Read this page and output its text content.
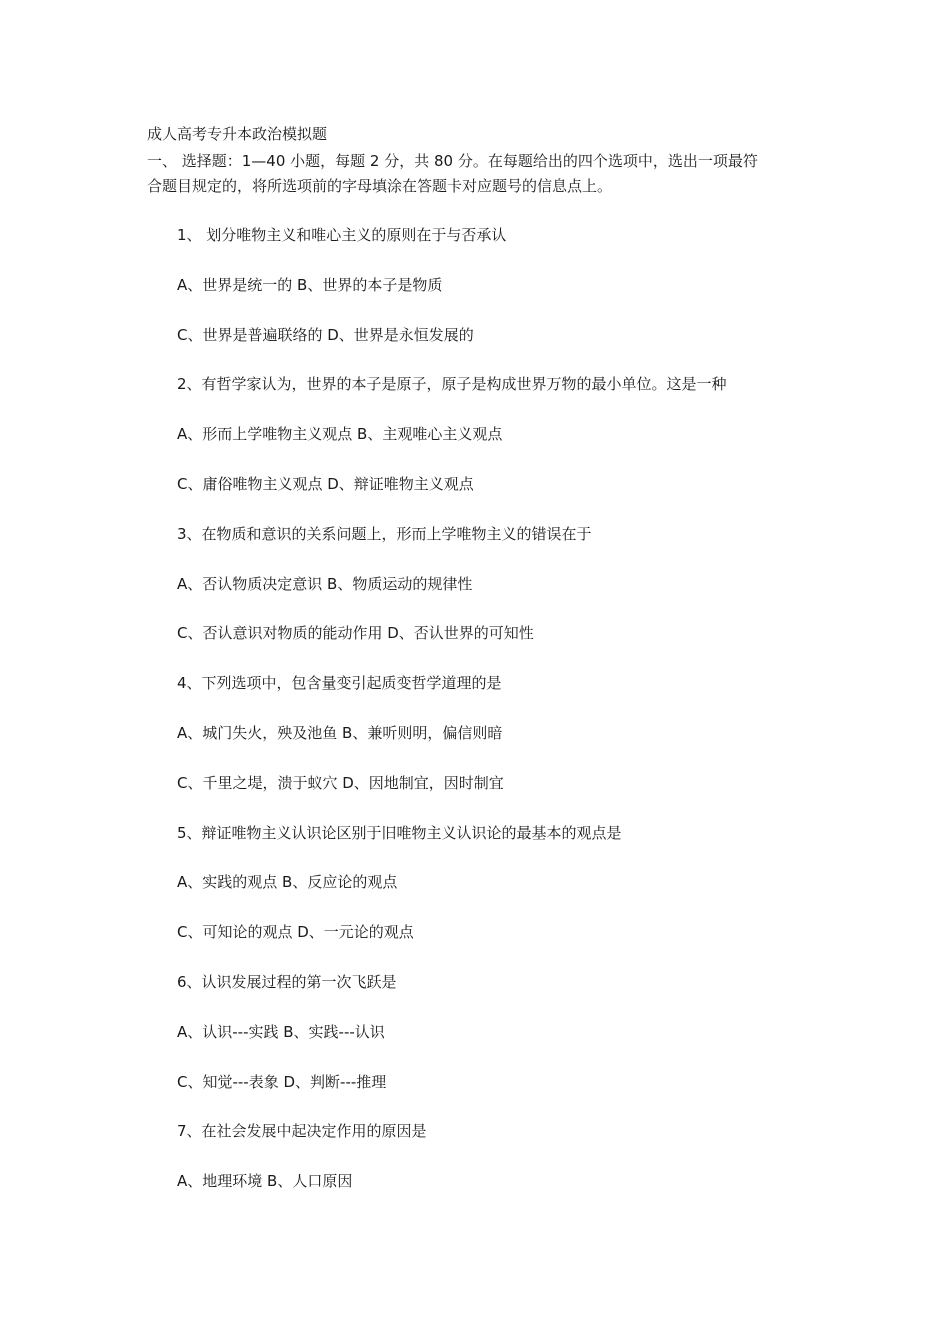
成人高考专升本政治模拟题
一、 选择题：1—40 小题，每题 2 分，共 80 分。在每题给出的四个选项中，选出一项最符
合题目规定的，将所选项前的字母填涂在答题卡对应题号的信息点上。
1、 划分唯物主义和唯心主义的原则在于与否承认
A、世界是统一的 B、世界的本子是物质
C、世界是普遍联络的 D、世界是永恒发展的
2、有哲学家认为，世界的本子是原子，原子是构成世界万物的最小单位。这是一种
A、形而上学唯物主义观点 B、主观唯心主义观点
C、庸俗唯物主义观点 D、辩证唯物主义观点
3、在物质和意识的关系问题上，形而上学唯物主义的错误在于
A、否认物质决定意识 B、物质运动的规律性
C、否认意识对物质的能动作用 D、否认世界的可知性
4、下列选项中，包含量变引起质变哲学道理的是
A、城门失火，殃及池鱼 B、兼听则明，偏信则暗
C、千里之堤，溃于蚁穴 D、因地制宜，因时制宜
5、辩证唯物主义认识论区别于旧唯物主义认识论的最基本的观点是
A、实践的观点 B、反应论的观点
C、可知论的观点 D、一元论的观点
6、认识发展过程的第一次飞跃是
A、认识---实践 B、实践---认识
C、知觉---表象 D、判断---推理
7、在社会发展中起决定作用的原因是
A、地理环境 B、人口原因
